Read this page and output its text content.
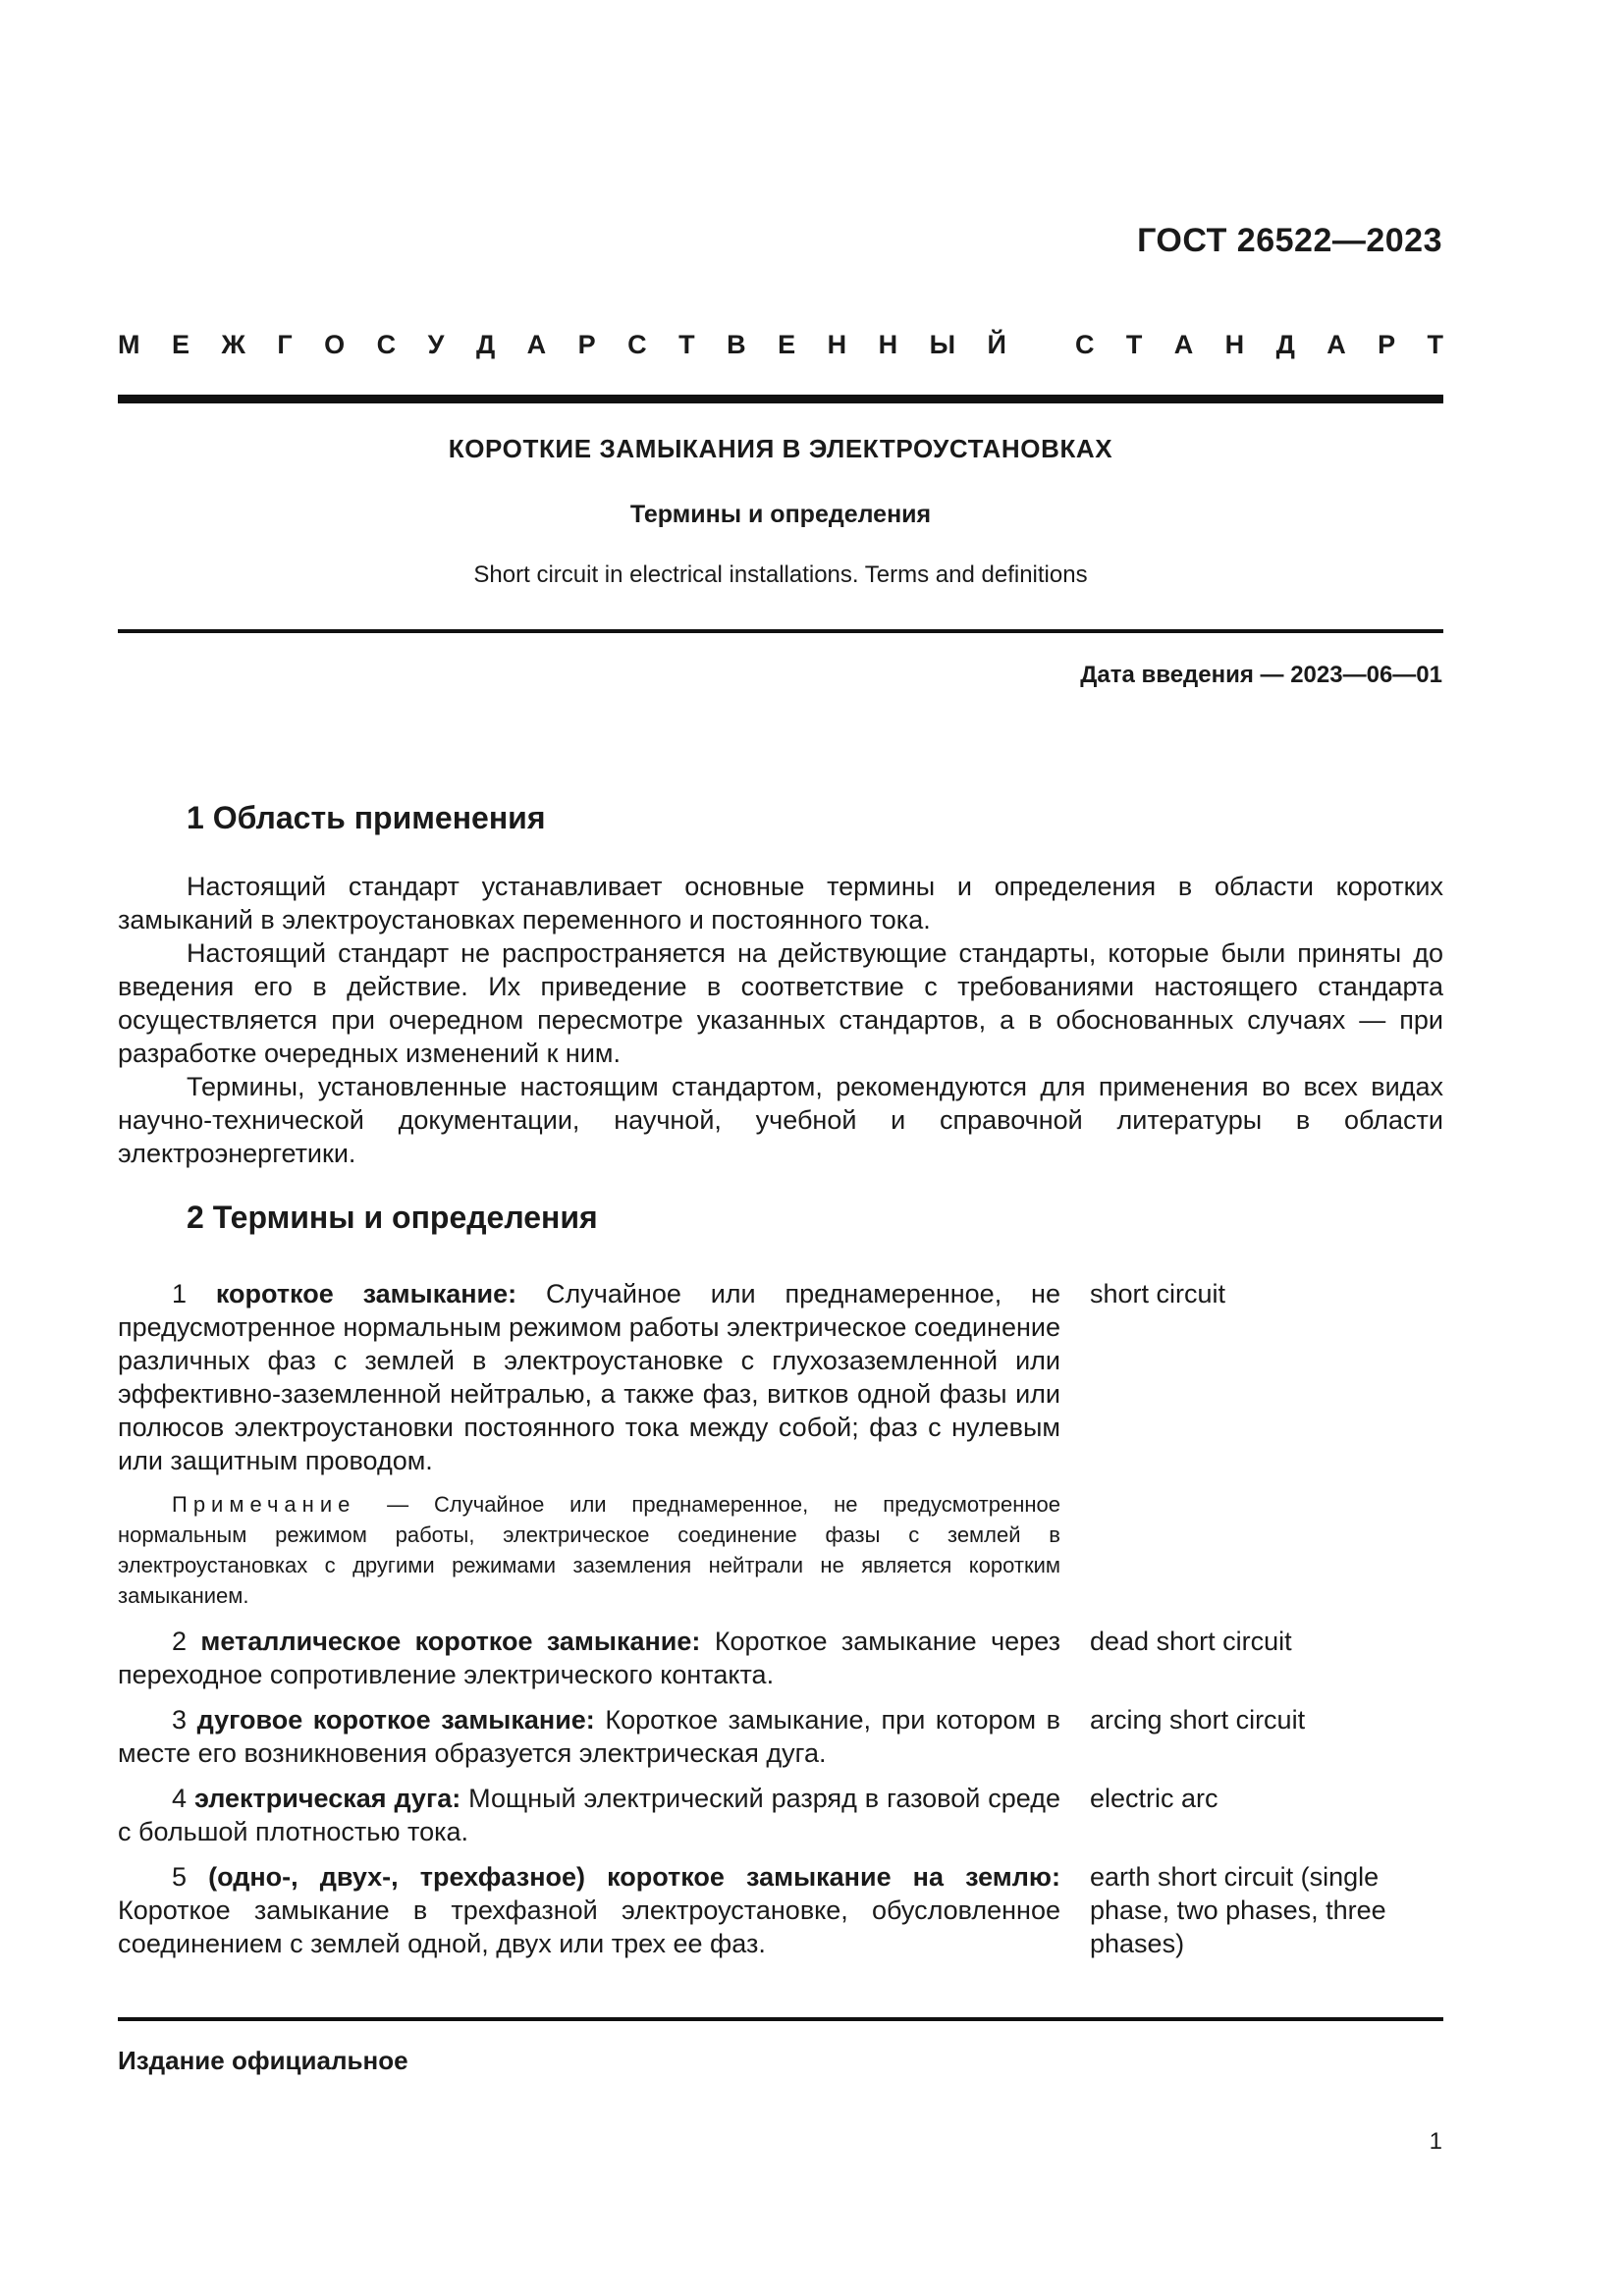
ГОСТ 26522—2023
М Е Ж Г О С У Д А Р С Т В Е Н Н Ы Й	С Т А Н Д А Р Т
КОРОТКИЕ ЗАМЫКАНИЯ В ЭЛЕКТРОУСТАНОВКАХ
Термины и определения
Short circuit in electrical installations. Terms and definitions
Дата введения — 2023—06—01
1 Область применения

Настоящий стандарт устанавливает основные термины и определения в области коротких замыканий в электроустановках переменного и постоянного тока.

Настоящий стандарт не распространяется на действующие стандарты, которые были приняты до введения его в действие. Их приведение в соответствие с требованиями настоящего стандарта осуществляется при очередном пересмотре указанных стандартов, а в обоснованных случаях — при разработке очередных изменений к ним.

Термины, установленные настоящим стандартом, рекомендуются для применения во всех видах научно-технической документации, научной, учебной и справочной литературы в области электроэнергетики.

2 Термины и определения
1 короткое замыкание: Случайное или преднамеренное, не предусмотренное нормальным режимом работы электрическое соединение различных фаз с землей в электроустановке с глухозаземленной или эффективно-заземленной нейтралью, а также фаз, витков одной фазы или полюсов электроустановки постоянного тока между собой; фаз с нулевым или защитным проводом.
short circuit
Примечание — Случайное или преднамеренное, не предусмотренное нормальным режимом работы, электрическое соединение фазы с землей в электроустановках с другими режимами заземления нейтрали не является коротким замыканием.
2 металлическое короткое замыкание: Короткое замыкание через переходное сопротивление электрического контакта.
dead short circuit
3 дуговое короткое замыкание: Короткое замыкание, при котором в месте его возникновения образуется электрическая дуга.
arcing short circuit
4 электрическая дуга: Мощный электрический разряд в газовой среде с большой плотностью тока.
electric arc
5 (одно-, двух-, трехфазное) короткое замыкание на землю: Короткое замыкание в трехфазной электроустановке, обусловленное соединением с землей одной, двух или трех ее фаз.
earth short circuit (single phase, two phases, three phases)
Издание официальное
1
